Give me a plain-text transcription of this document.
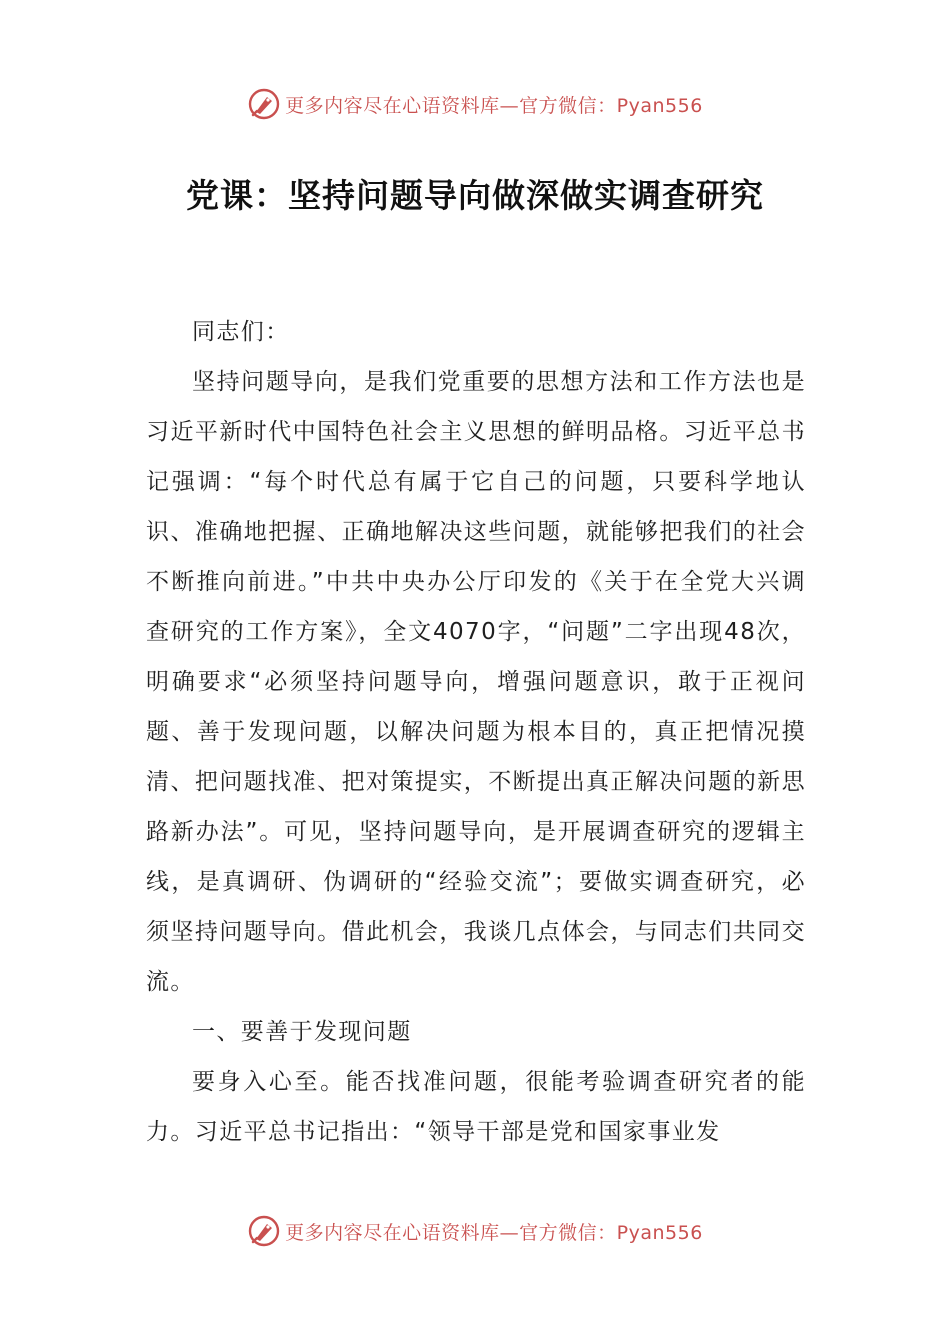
更多内容尽在心语资料库—官方微信：Pyan556
党课：坚持问题导向做深做实调查研究

同志们：

坚持问题导向，是我们党重要的思想方法和工作方法也是习近平新时代中国特色社会主义思想的鲜明品格。习近平总书记强调：“每个时代总有属于它自己的问题，只要科学地认识、准确地把握、正确地解决这些问题，就能够把我们的社会不断推向前进。”中共中央办公厅印发的《关于在全党大兴调查研究的工作方案》，全文4070字，“问题”二字出现48次，明确要求“必须坚持问题导向，增强问题意识，敢于正视问题、善于发现问题，以解决问题为根本目的，真正把情况摸清、把问题找准、把对策提实，不断提出真正解决问题的新思路新办法”。可见，坚持问题导向，是开展调查研究的逻辑主线，是真调研、伪调研的“经验交流”；要做实调查研究，必须坚持问题导向。借此机会，我谈几点体会，与同志们共同交流。

一、要善于发现问题

要身入心至。能否找准问题，很能考验调查研究者的能力。习近平总书记指出：“领导干部是党和国家事业发

更多内容尽在心语资料库—官方微信：Pyan556
